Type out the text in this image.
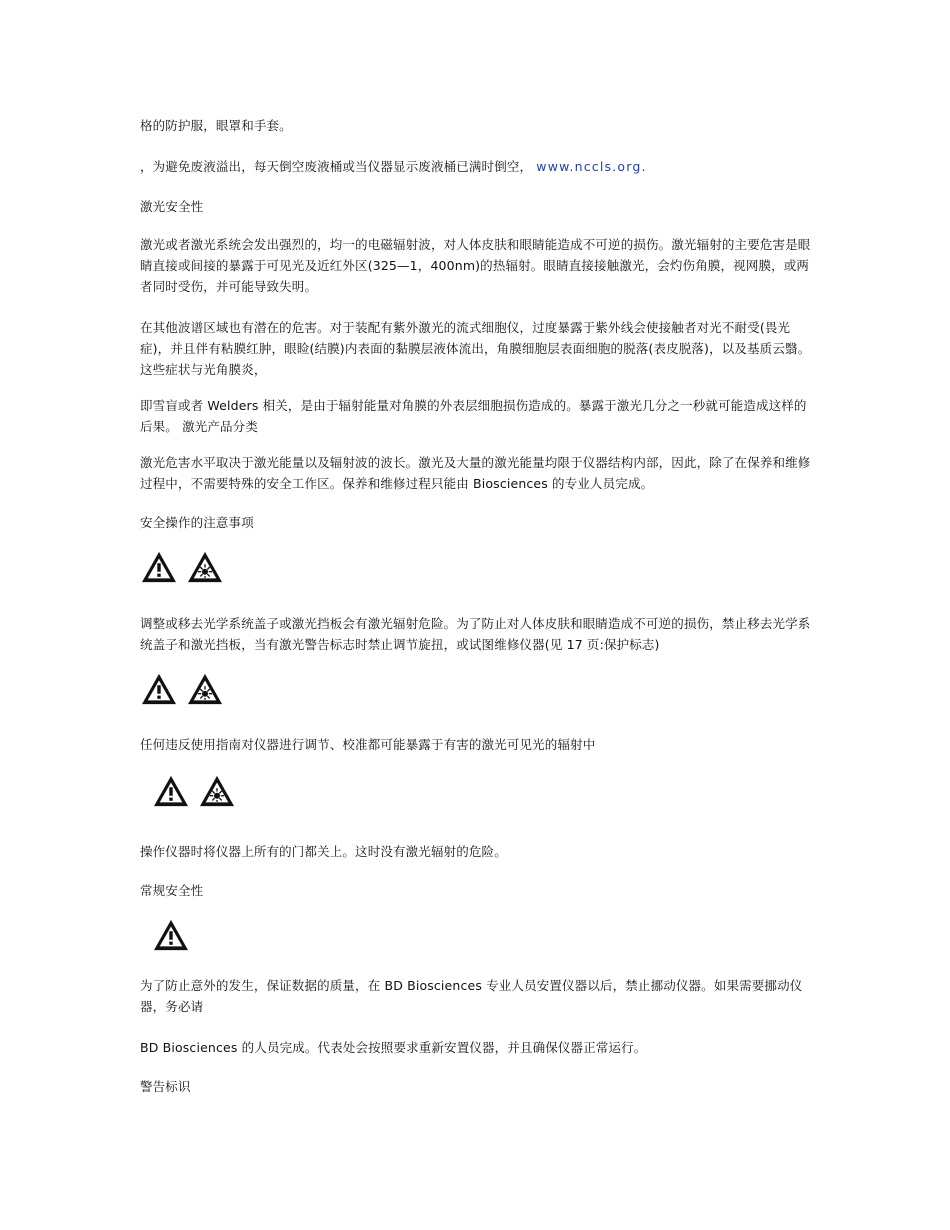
格的防护服，眼罩和手套。

，为避免废液溢出，每天倒空废液桶或当仪器显示废液桶已满时倒空， www.nccls.org.

激光安全性

激光或者激光系统会发出强烈的，均一的电磁辐射波，对人体皮肤和眼睛能造成不可逆的损伤。激光辐射的主要危害是眼睛直接或间接的暴露于可见光及近红外区(325—1，400nm)的热辐射。眼睛直接接触激光，会灼伤角膜，视网膜，或两者同时受伤，并可能导致失明。

在其他波谱区域也有潜在的危害。对于装配有紫外激光的流式细胞仪，过度暴露于紫外线会使接触者对光不耐受(畏光症)，并且伴有粘膜红肿，眼睑(结膜)内表面的黏膜层液体流出，角膜细胞层表面细胞的脱落(表皮脱落)，以及基质云翳。这些症状与光角膜炎，

即雪盲或者 Welders 相关，是由于辐射能量对角膜的外表层细胞损伤造成的。暴露于激光几分之一秒就可能造成这样的后果。 激光产品分类

激光危害水平取决于激光能量以及辐射波的波长。激光及大量的激光能量均限于仪器结构内部，因此，除了在保养和维修过程中，不需要特殊的安全工作区。保养和维修过程只能由 Biosciences 的专业人员完成。

安全操作的注意事项

调整或移去光学系统盖子或激光挡板会有激光辐射危险。为了防止对人体皮肤和眼睛造成不可逆的损伤，禁止移去光学系统盖子和激光挡板，当有激光警告标志时禁止调节旋扭，或试图维修仪器(见 17 页:保护标志)

任何违反使用指南对仪器进行调节、校准都可能暴露于有害的激光可见光的辐射中

操作仪器时将仪器上所有的门都关上。这时没有激光辐射的危险。

常规安全性

为了防止意外的发生，保证数据的质量，在 BD Biosciences 专业人员安置仪器以后，禁止挪动仪器。如果需要挪动仪器，务必请

BD Biosciences 的人员完成。代表处会按照要求重新安置仪器，并且确保仪器正常运行。

警告标识
